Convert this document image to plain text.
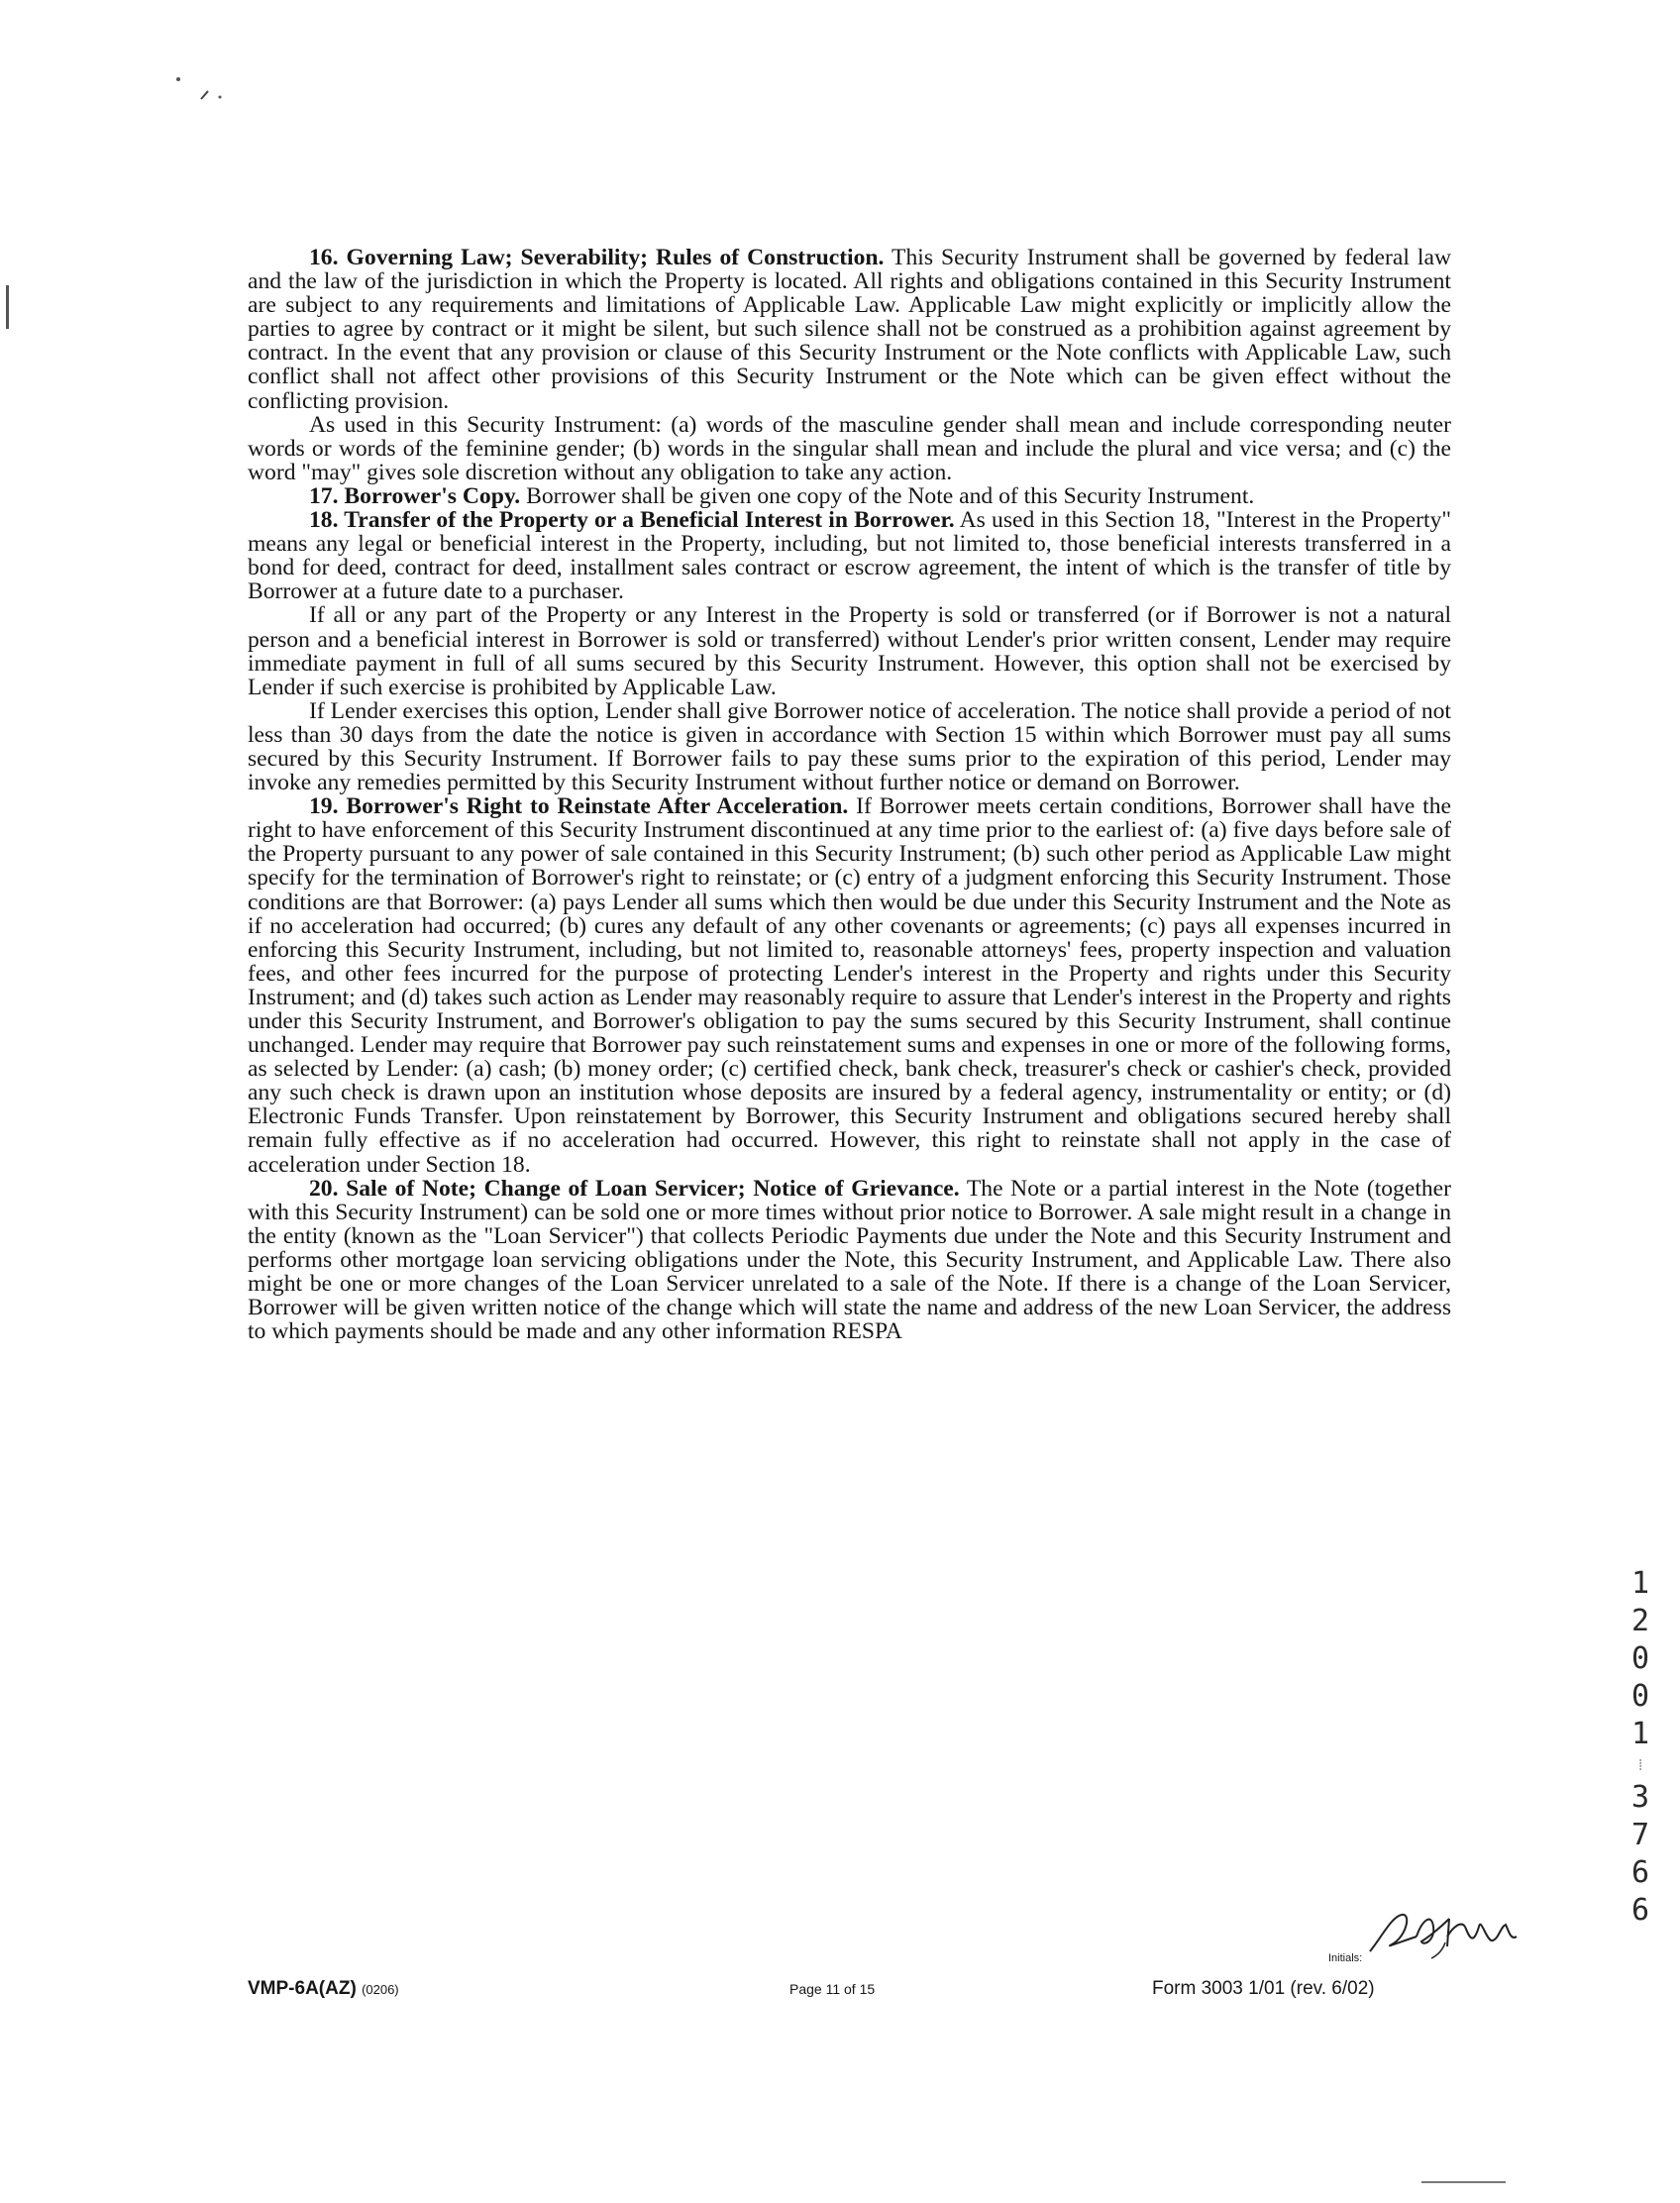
16. Governing Law; Severability; Rules of Construction. This Security Instrument shall be governed by federal law and the law of the jurisdiction in which the Property is located. All rights and obligations contained in this Security Instrument are subject to any requirements and limitations of Applicable Law. Applicable Law might explicitly or implicitly allow the parties to agree by contract or it might be silent, but such silence shall not be construed as a prohibition against agreement by contract. In the event that any provision or clause of this Security Instrument or the Note conflicts with Applicable Law, such conflict shall not affect other provisions of this Security Instrument or the Note which can be given effect without the conflicting provision.

As used in this Security Instrument: (a) words of the masculine gender shall mean and include corresponding neuter words or words of the feminine gender; (b) words in the singular shall mean and include the plural and vice versa; and (c) the word "may" gives sole discretion without any obligation to take any action.

17. Borrower's Copy. Borrower shall be given one copy of the Note and of this Security Instrument.

18. Transfer of the Property or a Beneficial Interest in Borrower. As used in this Section 18, "Interest in the Property" means any legal or beneficial interest in the Property, including, but not limited to, those beneficial interests transferred in a bond for deed, contract for deed, installment sales contract or escrow agreement, the intent of which is the transfer of title by Borrower at a future date to a purchaser.

If all or any part of the Property or any Interest in the Property is sold or transferred (or if Borrower is not a natural person and a beneficial interest in Borrower is sold or transferred) without Lender's prior written consent, Lender may require immediate payment in full of all sums secured by this Security Instrument. However, this option shall not be exercised by Lender if such exercise is prohibited by Applicable Law.

If Lender exercises this option, Lender shall give Borrower notice of acceleration. The notice shall provide a period of not less than 30 days from the date the notice is given in accordance with Section 15 within which Borrower must pay all sums secured by this Security Instrument. If Borrower fails to pay these sums prior to the expiration of this period, Lender may invoke any remedies permitted by this Security Instrument without further notice or demand on Borrower.

19. Borrower's Right to Reinstate After Acceleration. If Borrower meets certain conditions, Borrower shall have the right to have enforcement of this Security Instrument discontinued at any time prior to the earliest of: (a) five days before sale of the Property pursuant to any power of sale contained in this Security Instrument; (b) such other period as Applicable Law might specify for the termination of Borrower's right to reinstate; or (c) entry of a judgment enforcing this Security Instrument. Those conditions are that Borrower: (a) pays Lender all sums which then would be due under this Security Instrument and the Note as if no acceleration had occurred; (b) cures any default of any other covenants or agreements; (c) pays all expenses incurred in enforcing this Security Instrument, including, but not limited to, reasonable attorneys' fees, property inspection and valuation fees, and other fees incurred for the purpose of protecting Lender's interest in the Property and rights under this Security Instrument; and (d) takes such action as Lender may reasonably require to assure that Lender's interest in the Property and rights under this Security Instrument, and Borrower's obligation to pay the sums secured by this Security Instrument, shall continue unchanged. Lender may require that Borrower pay such reinstatement sums and expenses in one or more of the following forms, as selected by Lender: (a) cash; (b) money order; (c) certified check, bank check, treasurer's check or cashier's check, provided any such check is drawn upon an institution whose deposits are insured by a federal agency, instrumentality or entity; or (d) Electronic Funds Transfer. Upon reinstatement by Borrower, this Security Instrument and obligations secured hereby shall remain fully effective as if no acceleration had occurred. However, this right to reinstate shall not apply in the case of acceleration under Section 18.

20. Sale of Note; Change of Loan Servicer; Notice of Grievance. The Note or a partial interest in the Note (together with this Security Instrument) can be sold one or more times without prior notice to Borrower. A sale might result in a change in the entity (known as the "Loan Servicer") that collects Periodic Payments due under the Note and this Security Instrument and performs other mortgage loan servicing obligations under the Note, this Security Instrument, and Applicable Law. There also might be one or more changes of the Loan Servicer unrelated to a sale of the Note. If there is a change of the Loan Servicer, Borrower will be given written notice of the change which will state the name and address of the new Loan Servicer, the address to which payments should be made and any other information RESPA

VMP-6A(AZ) (0206)	Page 11 of 15	Form 3003 1/01 (rev. 6/02)
Initials:
1
2
0
0
1
┊
3
7
6
6
